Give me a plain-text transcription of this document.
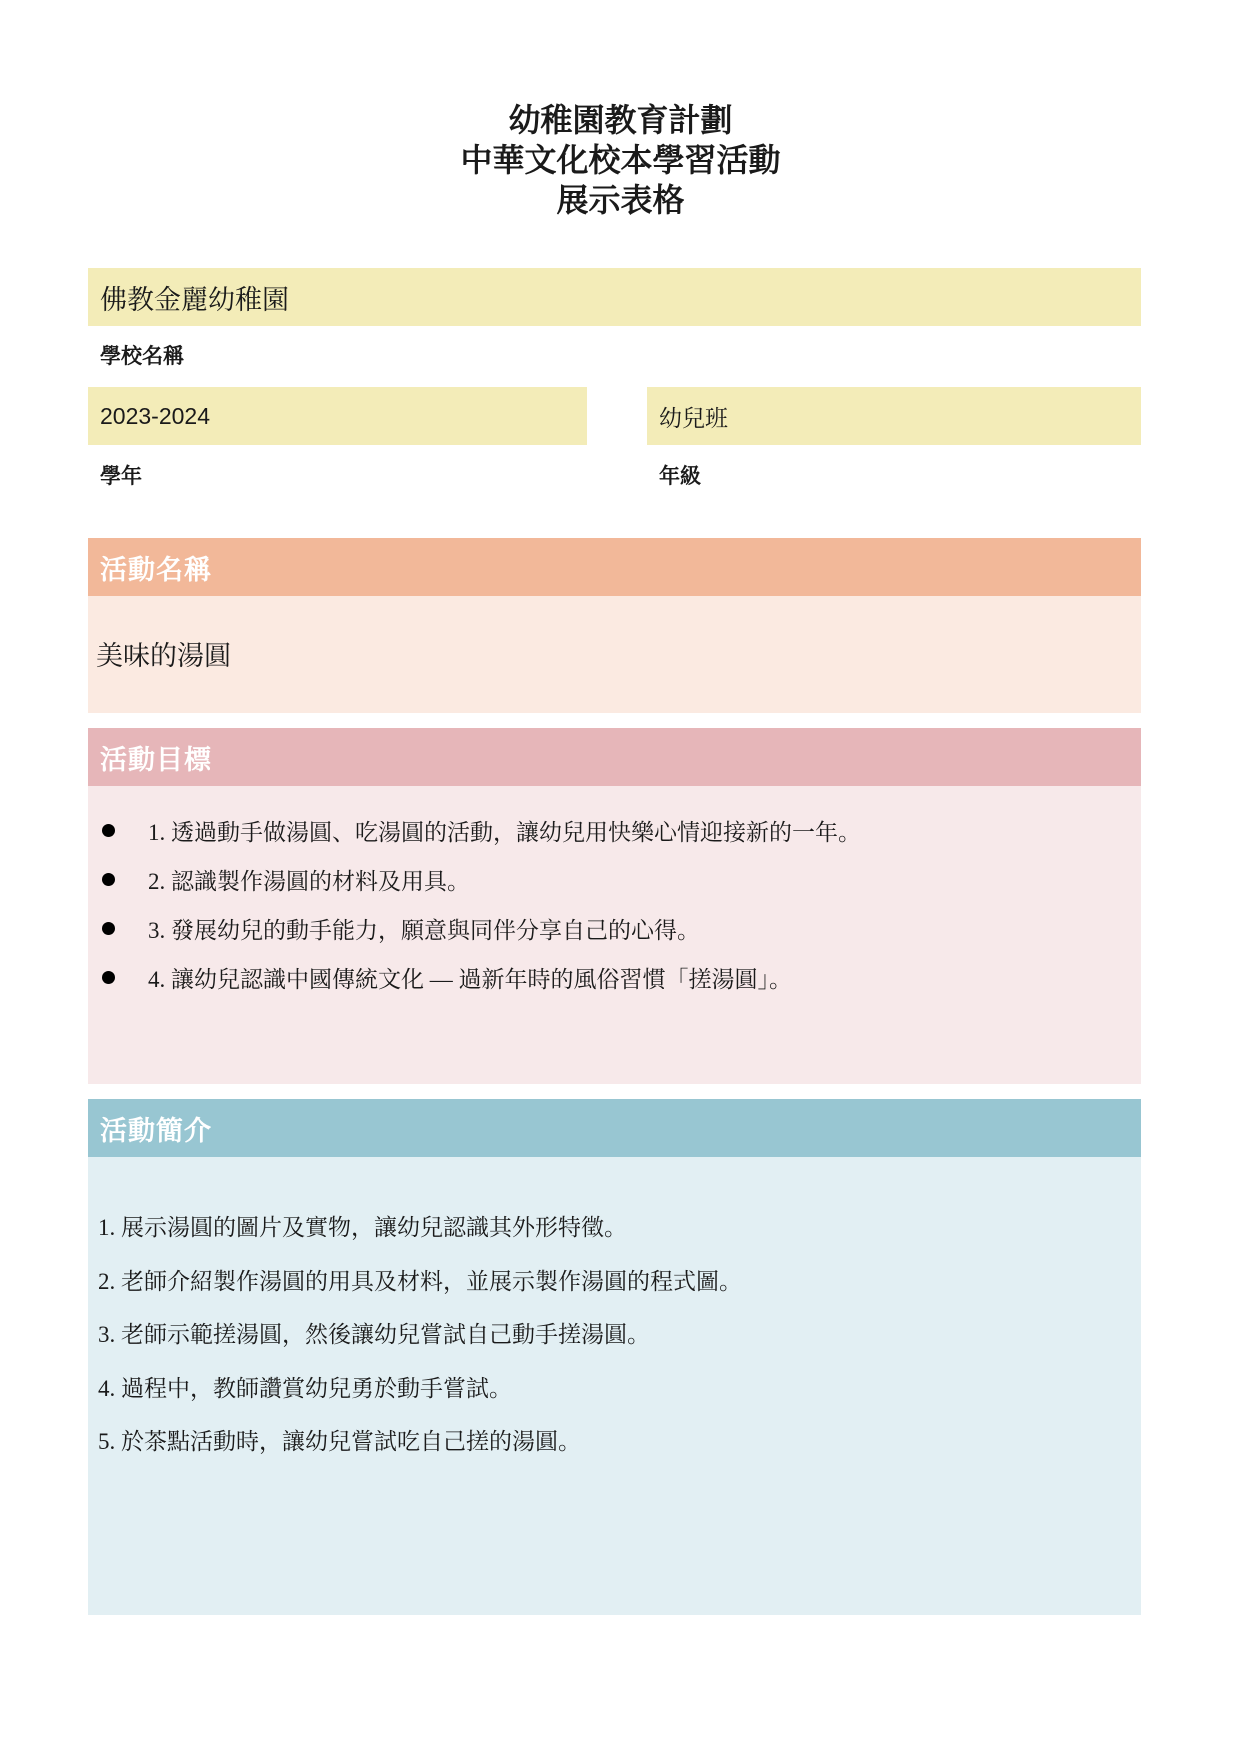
幼稚園教育計劃
中華文化校本學習活動
展示表格
佛教金麗幼稚園
學校名稱
2023-2024
學年
幼兒班
年級
活動名稱
美味的湯圓
活動目標
1. 透過動手做湯圓、吃湯圓的活動，讓幼兒用快樂心情迎接新的一年。
2. 認識製作湯圓的材料及用具。
3. 發展幼兒的動手能力，願意與同伴分享自己的心得。
4. 讓幼兒認識中國傳統文化 — 過新年時的風俗習慣「搓湯圓」。
活動簡介
1. 展示湯圓的圖片及實物，讓幼兒認識其外形特徵。
2. 老師介紹製作湯圓的用具及材料，並展示製作湯圓的程式圖。
3. 老師示範搓湯圓，然後讓幼兒嘗試自己動手搓湯圓。
4. 過程中，教師讚賞幼兒勇於動手嘗試。
5. 於茶點活動時，讓幼兒嘗試吃自己搓的湯圓。
